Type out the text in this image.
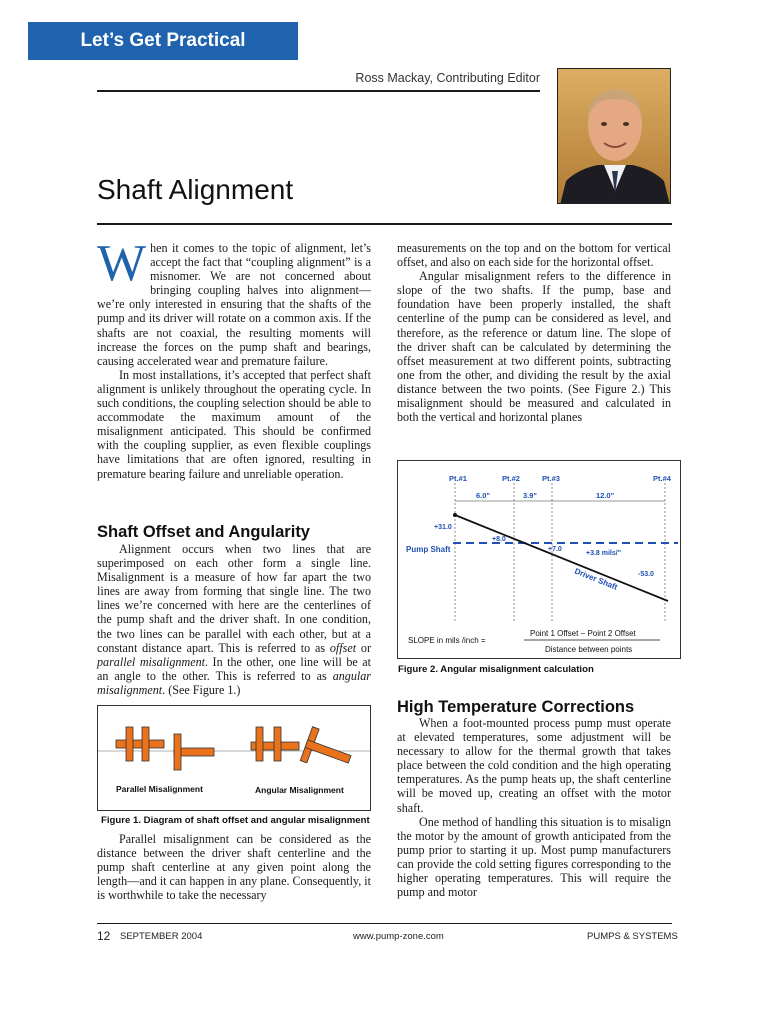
Let’s Get Practical
Ross Mackay, Contributing Editor
Shaft Alignment

When it comes to the topic of alignment, let’s accept the fact that “coupling alignment” is a misnomer. We are not concerned about bringing coupling halves into alignment—we’re only interested in ensuring that the shafts of the pump and its driver will rotate on a common axis. If the shafts are not coaxial, the resulting moments will increase the forces on the pump shaft and bearings, causing accelerated wear and premature failure.

In most installations, it’s accepted that perfect shaft alignment is unlikely throughout the operating cycle. In such conditions, the coupling selection should be able to accommodate the maximum amount of the misalignment anticipated. This should be confirmed with the coupling supplier, as even flexible couplings have limitations that are often ignored, resulting in premature bearing failure and unreliable operation.

Shaft Offset and Angularity

Alignment occurs when two lines that are superimposed on each other form a single line. Misalignment is a measure of how far apart the two lines are away from forming that single line. The two lines we’re concerned with here are the centerlines of the pump shaft and the driver shaft. In one condition, the two lines can be parallel with each other, but at a constant distance apart. This is referred to as offset or parallel misalignment. In the other, one line will be at an angle to the other. This is referred to as angular misalignment. (See Figure 1.)

Parallel Misalignment	Angular Misalignment
Figure 1. Diagram of shaft offset and angular misalignment

Parallel misalignment can be considered as the distance between the driver shaft centerline and the pump shaft centerline at any given point along the length—and it can happen in any plane. Consequently, it is worthwhile to take the necessary

measurements on the top and on the bottom for vertical offset, and also on each side for the horizontal offset.

Angular misalignment refers to the difference in slope of the two shafts. If the pump, base and foundation have been properly installed, the shaft centerline of the pump can be considered as level, and therefore, as the reference or datum line. The slope of the driver shaft can be calculated by determining the offset measurement at two different points, subtracting one from the other, and dividing the result by the axial distance between the two points. (See Figure 2.) This misalignment should be measured and calculated in both the vertical and horizontal planes

Pt.#1	Pt.#2	Pt.#3	Pt.#4
6.0"	3.9"	12.0"
Pump Shaft
Driver Shaft
+31.0
+8.0
+7.0
-53.0
+3.8 mils/"
SLOPE in mils /inch =
Point 1 Offset − Point 2 Offset
Distance between points
Figure 2. Angular misalignment calculation
High Temperature Corrections

When a foot-mounted process pump must operate at elevated temperatures, some adjustment will be necessary to allow for the thermal growth that takes place between the cold condition and the high operating temperatures. As the pump heats up, the shaft centerline will be moved up, creating an offset with the motor shaft.

One method of handling this situation is to misalign the motor by the amount of growth anticipated from the pump prior to starting it up. Most pump manufacturers can provide the cold setting figures corresponding to the higher operating temperatures. This will require the pump and motor

12 SEPTEMBER 2004	www.pump-zone.com	PUMPS & SYSTEMS
